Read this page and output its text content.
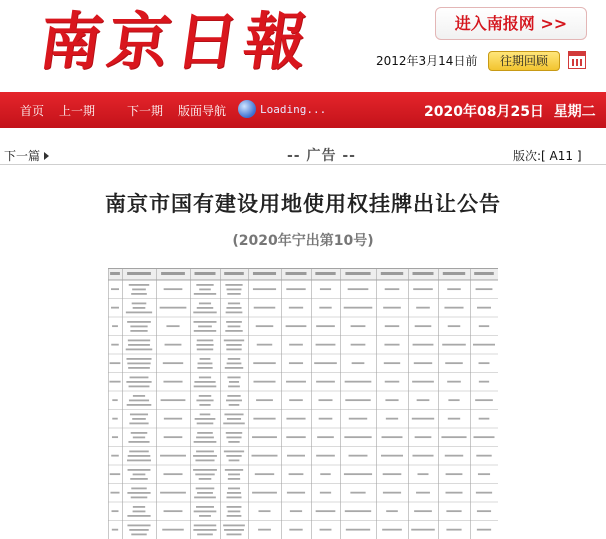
南
京
日
報	进入南报网 >>
2012年3月14日前	往期回顾
首页 上一期	下一期 版面导航	Loading...	2020年08月25日 星期二
下一篇	-- 广告 --	版次:[ A11 ]
南京市国有建设用地使用权挂牌出让公告
(2020年宁出第10号)
